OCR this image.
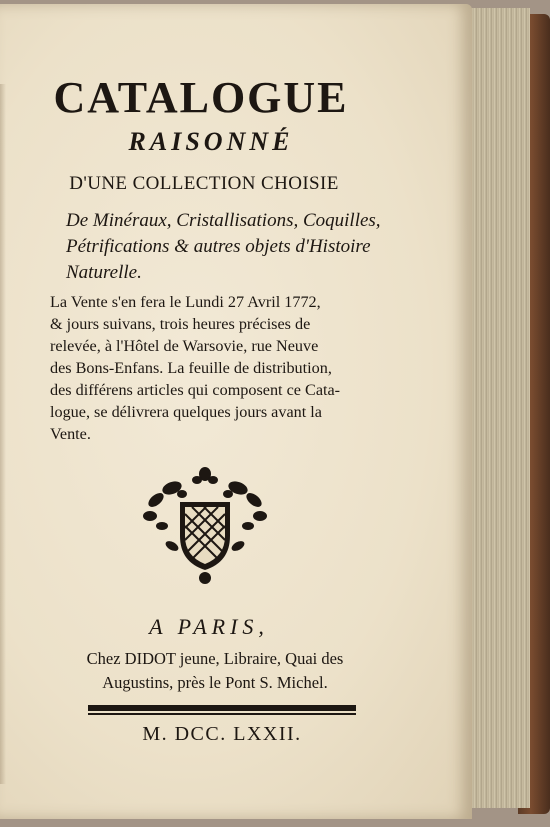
CATALOGUE
RAISONNÉ
D'UNE COLLECTION CHOISIE
De Minéraux, Cristallisations, Coquilles,
Pétrifications & autres objets d'Histoire
Naturelle.
La Vente s'en fera le Lundi 27 Avril 1772,
& jours suivans, trois heures précises de
relevée, à l'Hôtel de Warsovie, rue Neuve
des Bons-Enfans. La feuille de distribution,
des différens articles qui composent ce Cata-
logue, se délivrera quelques jours avant la
Vente.
A PARIS,
Chez DIDOT jeune, Libraire, Quai des
Augustins, près le Pont S. Michel.
M. DCC. LXXII.
